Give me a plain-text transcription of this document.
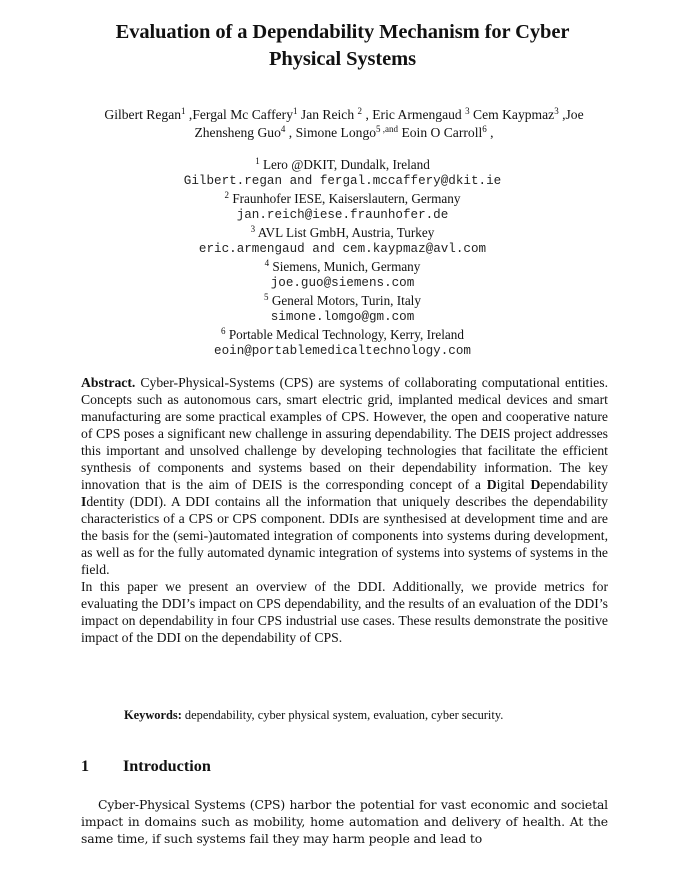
Evaluation of a Dependability Mechanism for Cyber Physical Systems
Gilbert Regan$^1$ ,Fergal Mc Caffery$^1$ Jan Reich $^2$ , Eric Armengaud $^3$ Cem Kaypmaz$^3$ ,Joe Zhensheng Guo$^4$ , Simone Longo$^{5 ,and}$ Eoin O Carroll$^6$ ,
$^1$ Lero @DKIT, Dundalk, Ireland
Gilbert.regan and fergal.mccaffery@dkit.ie
$^2$ Fraunhofer IESE, Kaiserslautern, Germany
jan.reich@iese.fraunhofer.de
$^3$ AVL List GmbH, Austria, Turkey
eric.armengaud and cem.kaypmaz@avl.com
$^4$ Siemens, Munich, Germany
joe.guo@siemens.com
$^5$ General Motors, Turin, Italy
simone.lomgo@gm.com
$^6$ Portable Medical Technology, Kerry, Ireland
eoin@portablemedicaltechnology.com

Abstract. Cyber-Physical-Systems (CPS) are systems of collaborating computational entities. Concepts such as autonomous cars, smart electric grid, implanted medical devices and smart manufacturing are some practical examples of CPS. However, the open and cooperative nature of CPS poses a significant new challenge in assuring dependability. The DEIS project addresses this important and unsolved challenge by developing technologies that facilitate the efficient synthesis of components and systems based on their dependability information. The key innovation that is the aim of DEIS is the corresponding concept of a Digital Dependability Identity (DDI). A DDI contains all the information that uniquely describes the dependability characteristics of a CPS or CPS component. DDIs are synthesised at development time and are the basis for the (semi-)automated integration of components into systems during development, as well as for the fully automated dynamic integration of systems into systems of systems in the field.

In this paper we present an overview of the DDI. Additionally, we provide metrics for evaluating the DDI’s impact on CPS dependability, and the results of an evaluation of the DDI’s impact on dependability in four CPS industrial use cases. These results demonstrate the positive impact of the DDI on the dependability of CPS.

Keywords: dependability, cyber physical system, evaluation, cyber security.
1 Introduction

Cyber-Physical Systems (CPS) harbor the potential for vast economic and societal impact in domains such as mobility, home automation and delivery of health. At the same time, if such systems fail they may harm people and lead to
